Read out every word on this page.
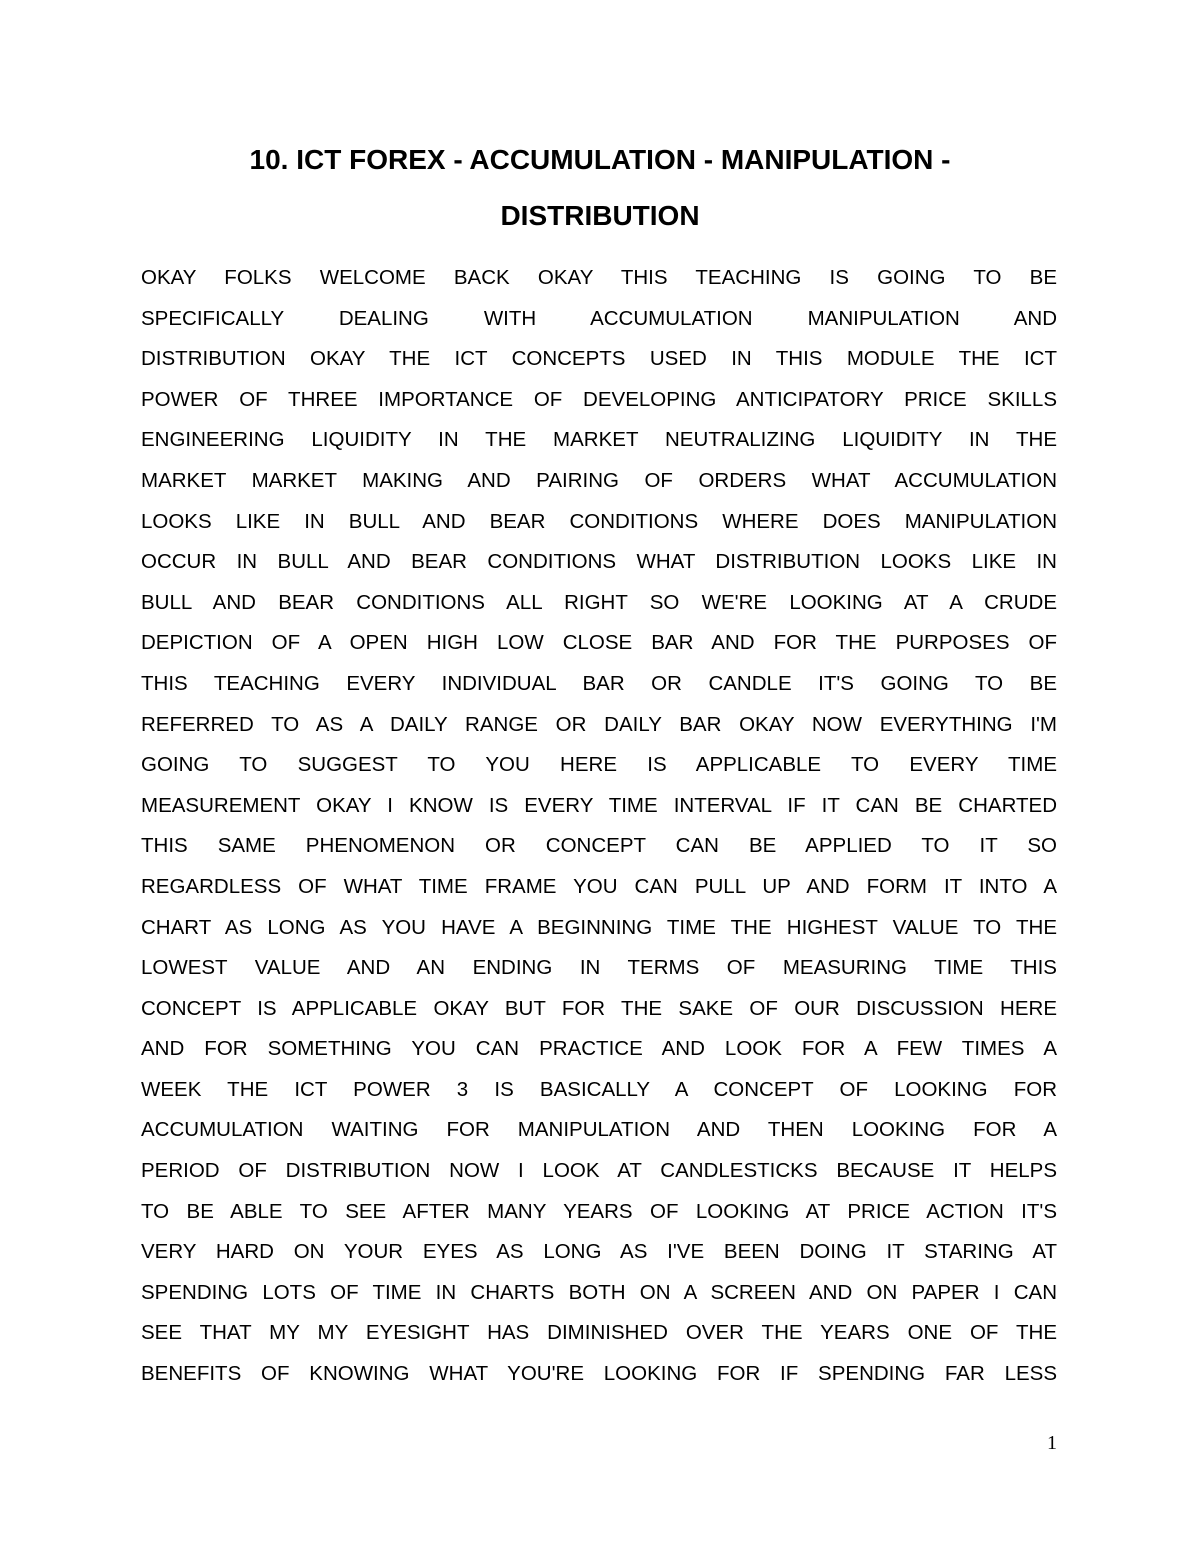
10. ICT FOREX - ACCUMULATION - MANIPULATION -
DISTRIBUTION
OKAY FOLKS WELCOME BACK OKAY THIS TEACHING IS GOING TO BE
SPECIFICALLY DEALING WITH ACCUMULATION MANIPULATION AND
DISTRIBUTION OKAY THE ICT CONCEPTS USED IN THIS MODULE THE ICT
POWER OF THREE IMPORTANCE OF DEVELOPING ANTICIPATORY PRICE SKILLS
ENGINEERING LIQUIDITY IN THE MARKET NEUTRALIZING LIQUIDITY IN THE
MARKET MARKET MAKING AND PAIRING OF ORDERS WHAT ACCUMULATION
LOOKS LIKE IN BULL AND BEAR CONDITIONS WHERE DOES MANIPULATION
OCCUR IN BULL AND BEAR CONDITIONS WHAT DISTRIBUTION LOOKS LIKE IN
BULL AND BEAR CONDITIONS ALL RIGHT SO WE'RE LOOKING AT A CRUDE
DEPICTION OF A OPEN HIGH LOW CLOSE BAR AND FOR THE PURPOSES OF
THIS TEACHING EVERY INDIVIDUAL BAR OR CANDLE IT'S GOING TO BE
REFERRED TO AS A DAILY RANGE OR DAILY BAR OKAY NOW EVERYTHING I'M
GOING TO SUGGEST TO YOU HERE IS APPLICABLE TO EVERY TIME
MEASUREMENT OKAY I KNOW IS EVERY TIME INTERVAL IF IT CAN BE CHARTED
THIS SAME PHENOMENON OR CONCEPT CAN BE APPLIED TO IT SO
REGARDLESS OF WHAT TIME FRAME YOU CAN PULL UP AND FORM IT INTO A
CHART AS LONG AS YOU HAVE A BEGINNING TIME THE HIGHEST VALUE TO THE
LOWEST VALUE AND AN ENDING IN TERMS OF MEASURING TIME THIS
CONCEPT IS APPLICABLE OKAY BUT FOR THE SAKE OF OUR DISCUSSION HERE
AND FOR SOMETHING YOU CAN PRACTICE AND LOOK FOR A FEW TIMES A
WEEK THE ICT POWER 3 IS BASICALLY A CONCEPT OF LOOKING FOR
ACCUMULATION WAITING FOR MANIPULATION AND THEN LOOKING FOR A
PERIOD OF DISTRIBUTION NOW I LOOK AT CANDLESTICKS BECAUSE IT HELPS
TO BE ABLE TO SEE AFTER MANY YEARS OF LOOKING AT PRICE ACTION IT'S
VERY HARD ON YOUR EYES AS LONG AS I'VE BEEN DOING IT STARING AT
SPENDING LOTS OF TIME IN CHARTS BOTH ON A SCREEN AND ON PAPER I CAN
SEE THAT MY MY EYESIGHT HAS DIMINISHED OVER THE YEARS ONE OF THE
BENEFITS OF KNOWING WHAT YOU'RE LOOKING FOR IF SPENDING FAR LESS
1
